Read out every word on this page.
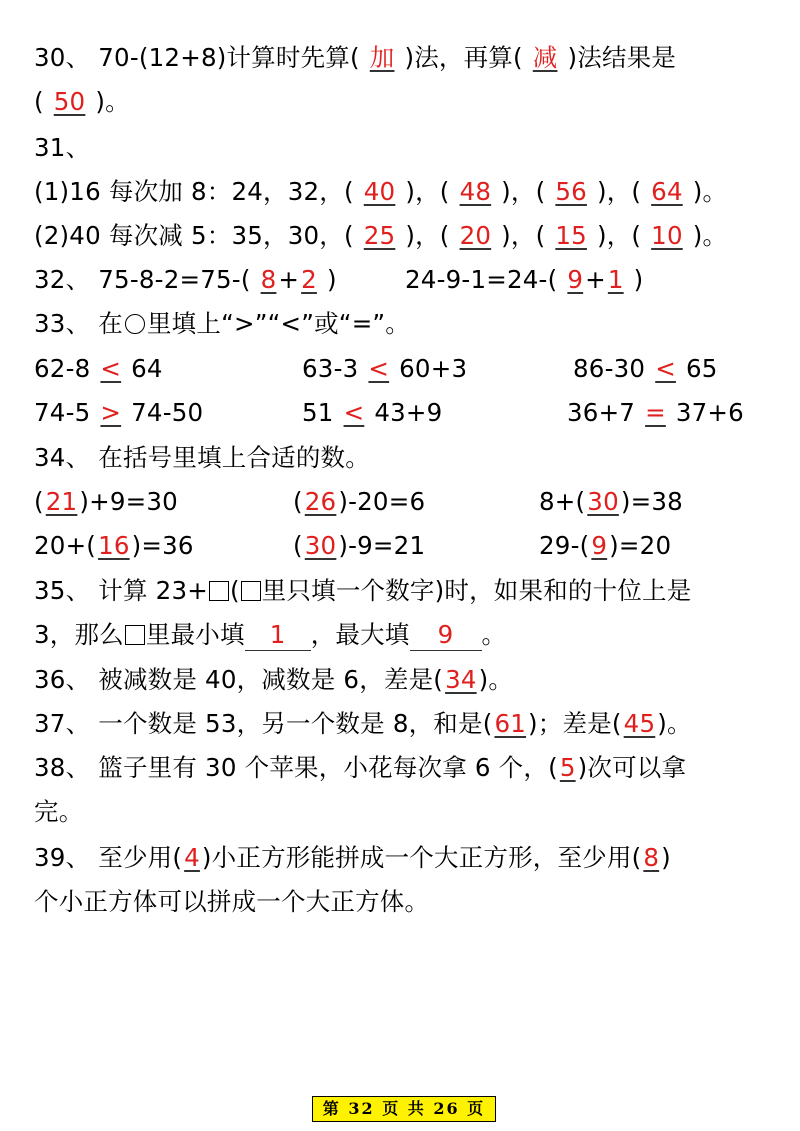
30、 70-(12+8)计算时先算( 加 )法，再算( 减 )法结果是
( 50 )。
31、
(1)16 每次加 8：24，32，( 40 )，( 48 )，( 56 )，( 64 )。
(2)40 每次减 5：35，30，( 25 )，( 20 )，( 15 )，( 10 )。
32、 75-8-2=75-( 8+2 )	24-9-1=24-( 9+1 )
33、 在 里填上“>”“<”或“=”。
62-8 < 64	63-3 < 60+3	86-30 < 65
74-5 > 74-50	51 < 43+9	36+7 = 37+6
34、 在括号里填上合适的数。
(21)+9=30	(26)-20=6	8+(30)=38
20+(16)=36	(30)-9=21	29-(9)=20
35、 计算 23+ ( 里只填一个数字)时，如果和的十位上是
3，那么 里最小填 1 ，最大填 9 。
36、 被减数是 40，减数是 6，差是(34)。
37、 一个数是 53，另一个数是 8，和是(61)；差是(45)。
38、 篮子里有 30 个苹果，小花每次拿 6 个，(5)次可以拿
完。
39、 至少用(4)小正方形能拼成一个大正方形，至少用(8)
个小正方体可以拼成一个大正方体。
第 32 页 共 26 页
